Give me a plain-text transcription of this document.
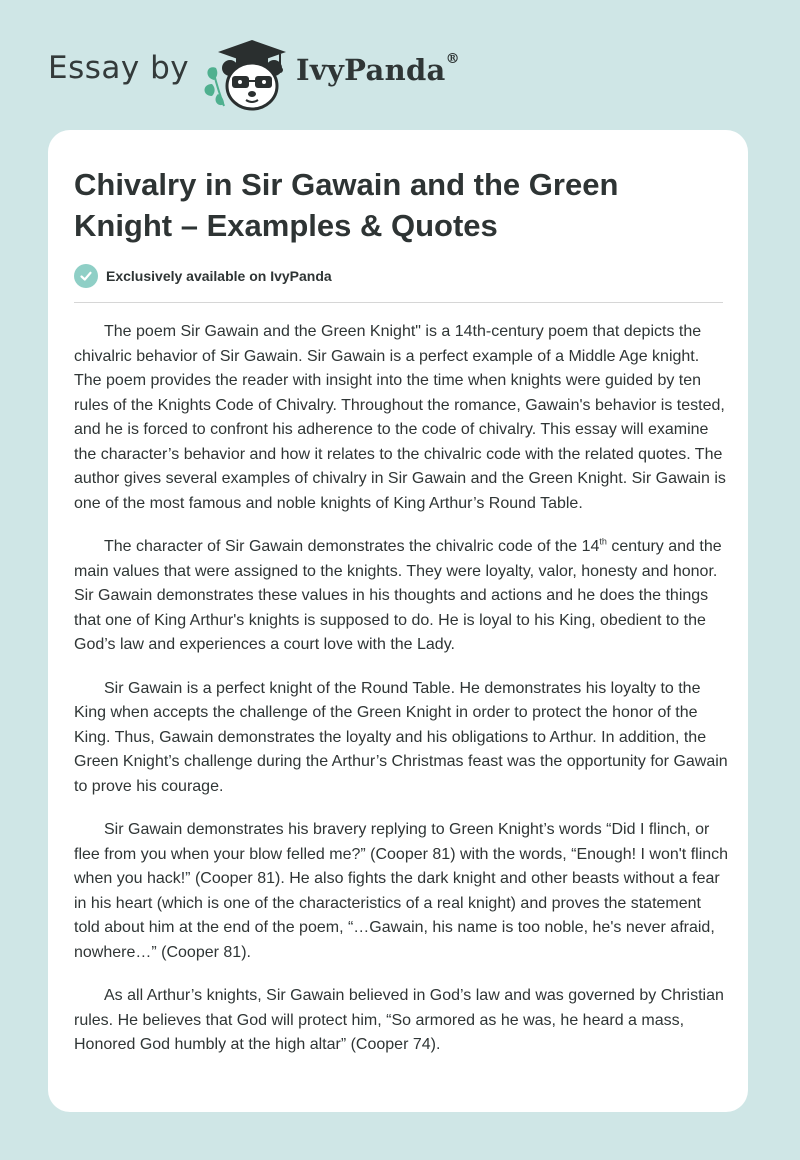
Essay by	IvyPanda®
Chivalry in Sir Gawain and the Green Knight – Examples & Quotes
Exclusively available on IvyPanda

The poem Sir Gawain and the Green Knight" is a 14th-century poem that depicts the chivalric behavior of Sir Gawain. Sir Gawain is a perfect example of a Middle Age knight. The poem provides the reader with insight into the time when knights were guided by ten rules of the Knights Code of Chivalry. Throughout the romance, Gawain's behavior is tested, and he is forced to confront his adherence to the code of chivalry. This essay will examine the character’s behavior and how it relates to the chivalric code with the related quotes. The author gives several examples of chivalry in Sir Gawain and the Green Knight. Sir Gawain is one of the most famous and noble knights of King Arthur’s Round Table.

The character of Sir Gawain demonstrates the chivalric code of the 14th century and the main values that were assigned to the knights. They were loyalty, valor, honesty and honor. Sir Gawain demonstrates these values in his thoughts and actions and he does the things that one of King Arthur's knights is supposed to do. He is loyal to his King, obedient to the God’s law and experiences a court love with the Lady.

Sir Gawain is a perfect knight of the Round Table. He demonstrates his loyalty to the King when accepts the challenge of the Green Knight in order to protect the honor of the King. Thus, Gawain demonstrates the loyalty and his obligations to Arthur. In addition, the Green Knight’s challenge during the Arthur’s Christmas feast was the opportunity for Gawain to prove his courage.

Sir Gawain demonstrates his bravery replying to Green Knight’s words “Did I flinch, or flee from you when your blow felled me?” (Cooper 81) with the words, “Enough! I won't flinch when you hack!” (Cooper 81). He also fights the dark knight and other beasts without a fear in his heart (which is one of the characteristics of a real knight) and proves the statement told about him at the end of the poem, “…Gawain, his name is too noble, he's never afraid, nowhere…” (Cooper 81).

As all Arthur’s knights, Sir Gawain believed in God’s law and was governed by Christian rules. He believes that God will protect him, “So armored as he was, he heard a mass, Honored God humbly at the high altar” (Cooper 74).
